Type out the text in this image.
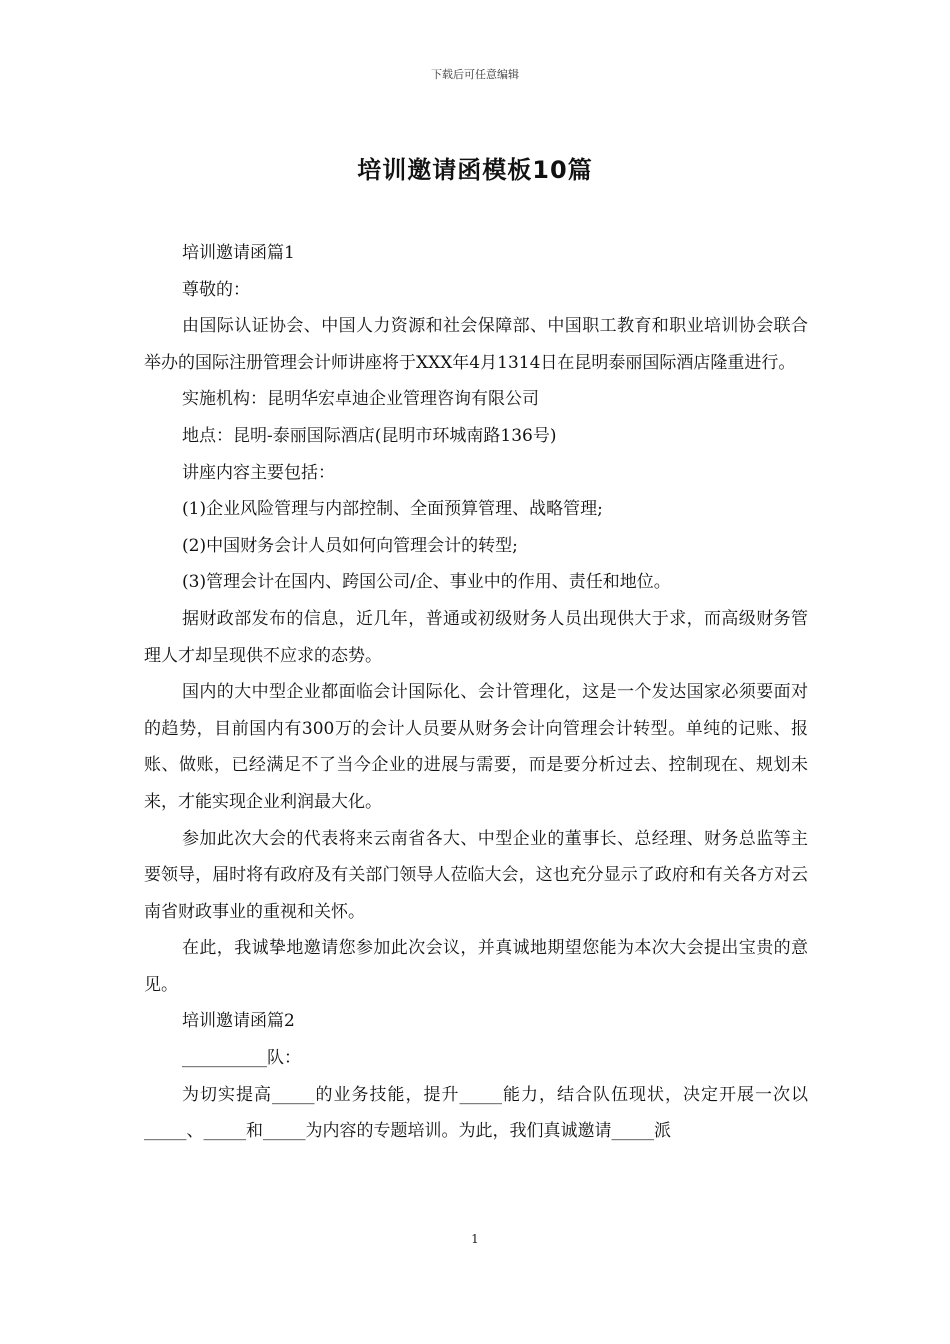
下载后可任意编辑
培训邀请函模板10篇

培训邀请函篇1

尊敬的：

由国际认证协会、中国人力资源和社会保障部、中国职工教育和职业培训协会联合举办的国际注册管理会计师讲座将于XXX年4月1314日在昆明泰丽国际酒店隆重进行。

实施机构：昆明华宏卓迪企业管理咨询有限公司

地点：昆明-泰丽国际酒店(昆明市环城南路136号)

讲座内容主要包括：

(1)企业风险管理与内部控制、全面预算管理、战略管理;

(2)中国财务会计人员如何向管理会计的转型;

(3)管理会计在国内、跨国公司/企、事业中的作用、责任和地位。

据财政部发布的信息，近几年，普通或初级财务人员出现供大于求，而高级财务管理人才却呈现供不应求的态势。

国内的大中型企业都面临会计国际化、会计管理化，这是一个发达国家必须要面对的趋势，目前国内有300万的会计人员要从财务会计向管理会计转型。单纯的记账、报账、做账，已经满足不了当今企业的进展与需要，而是要分析过去、控制现在、规划未来，才能实现企业利润最大化。

参加此次大会的代表将来云南省各大、中型企业的董事长、总经理、财务总监等主要领导，届时将有政府及有关部门领导人莅临大会，这也充分显示了政府和有关各方对云南省财政事业的重视和关怀。

在此，我诚挚地邀请您参加此次会议，并真诚地期望您能为本次大会提出宝贵的意见。

培训邀请函篇2

__________队：

为切实提高_____的业务技能，提升_____能力，结合队伍现状，决定开展一次以_____、_____和_____为内容的专题培训。为此，我们真诚邀请_____派

1
